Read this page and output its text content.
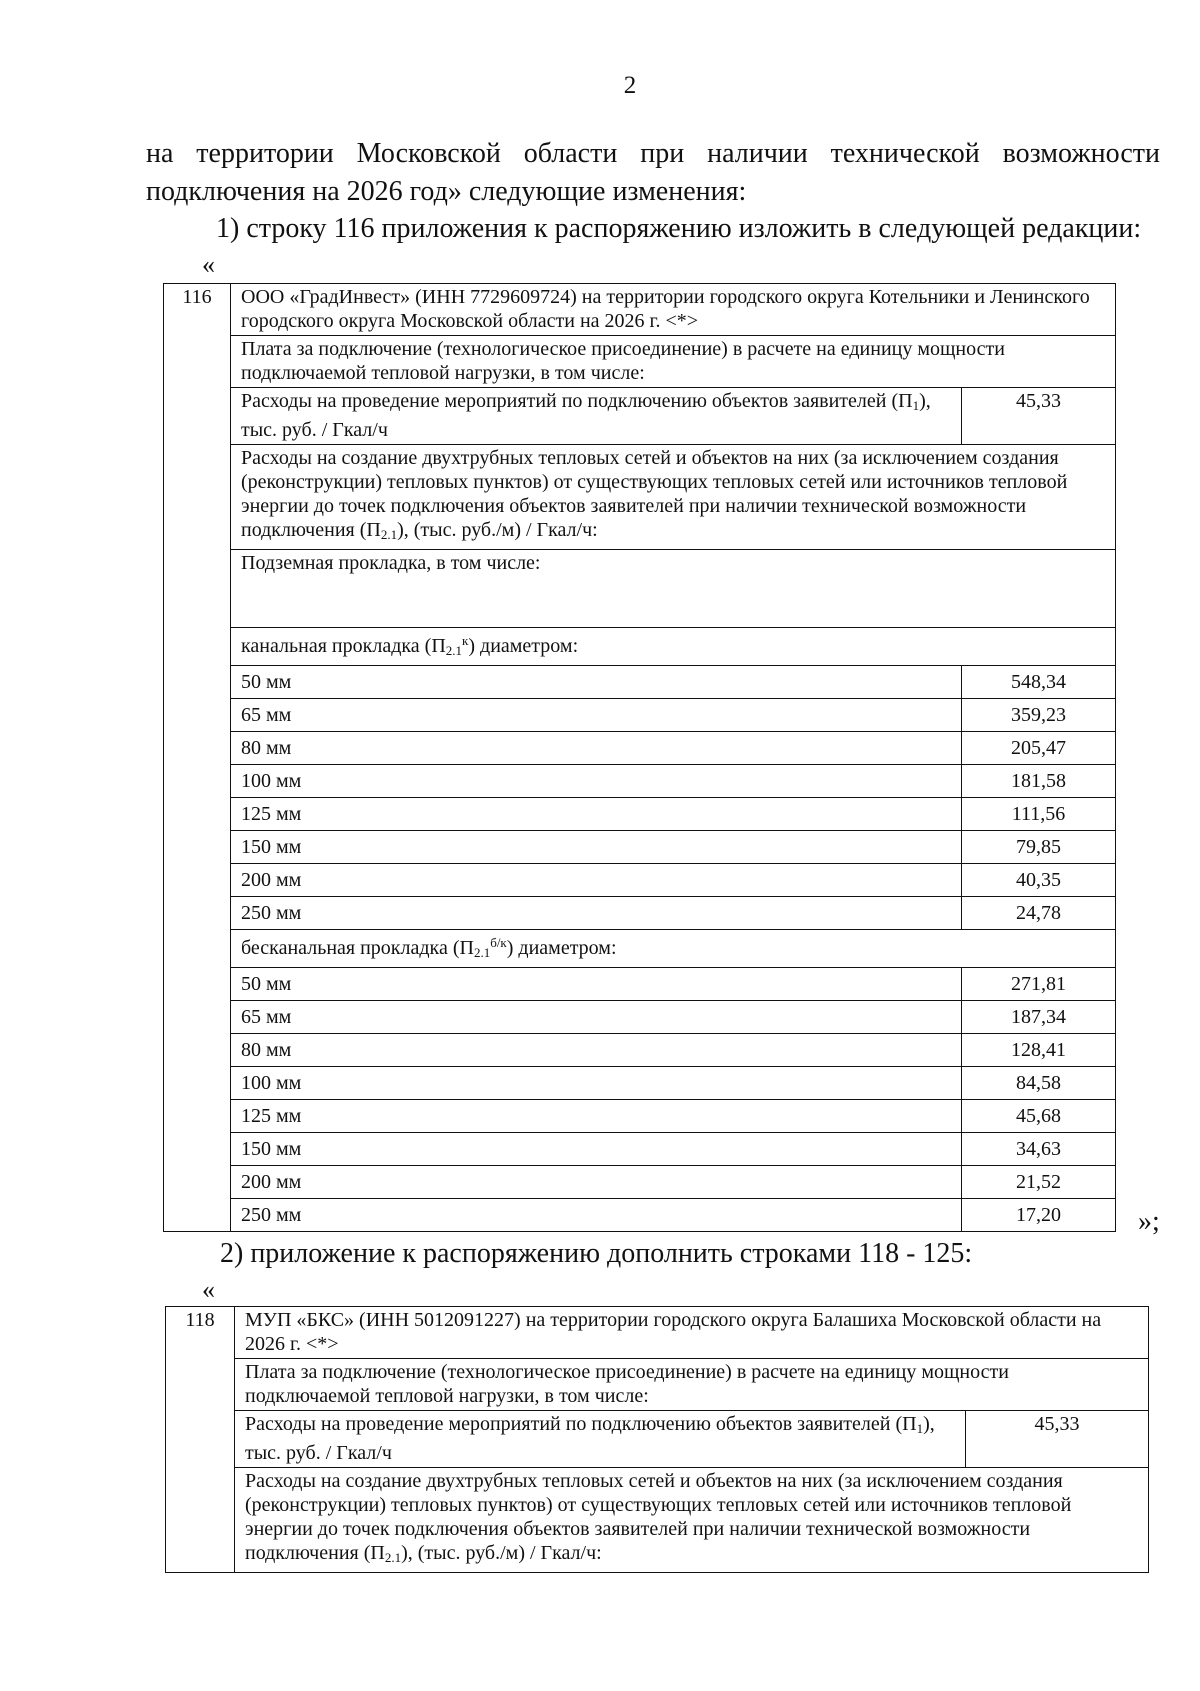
2
на территории Московской области при наличии технической возможности
подключения на 2026 год» следующие изменения:
1) строку 116 приложения к распоряжению изложить в следующей редакции:
«
116	ООО «ГрадИнвест» (ИНН 7729609724) на территории городского округа Котельники и Ленинского городского округа Московской области на 2026 г. <*>	
	Плата за подключение (технологическое присоединение) в расчете на единицу мощности подключаемой тепловой нагрузки, в том числе:	
	Расходы на проведение мероприятий по подключению объектов заявителей $(П_1)$, тыс. руб. / Гкал/ч	45,33
	Расходы на создание двухтрубных тепловых сетей и объектов на них (за исключением создания (реконструкции) тепловых пунктов) от существующих тепловых сетей или источников тепловой энергии до точек подключения объектов заявителей при наличии технической возможности подключения $(П_{2.1})$, (тыс. руб./м) / Гкал/ч:	
	Подземная прокладка, в том числе:	
	канальная прокладка $(П_{2.1}^к)$ диаметром:	
	50 мм	548,34
	65 мм	359,23
	80 мм	205,47
	100 мм	181,58
	125 мм	111,56
	150 мм	79,85
	200 мм	40,35
	250 мм	24,78
	бесканальная прокладка $(П_{2.1}^{б/к})$ диаметром:	
	50 мм	271,81
	65 мм	187,34
	80 мм	128,41
	100 мм	84,58
	125 мм	45,68
	150 мм	34,63
	200 мм	21,52
	250 мм	17,20	»;
2) приложение к распоряжению дополнить строками 118 - 125:
«
118	МУП «БКС» (ИНН 5012091227) на территории городского округа Балашиха Московской области на 2026 г. <*>	
	Плата за подключение (технологическое присоединение) в расчете на единицу мощности подключаемой тепловой нагрузки, в том числе:	
	Расходы на проведение мероприятий по подключению объектов заявителей $(П_1)$, тыс. руб. / Гкал/ч	45,33
	Расходы на создание двухтрубных тепловых сетей и объектов на них (за исключением создания (реконструкции) тепловых пунктов) от существующих тепловых сетей или источников тепловой энергии до точек подключения объектов заявителей при наличии технической возможности подключения $(П_{2.1})$, (тыс. руб./м) / Гкал/ч:	
